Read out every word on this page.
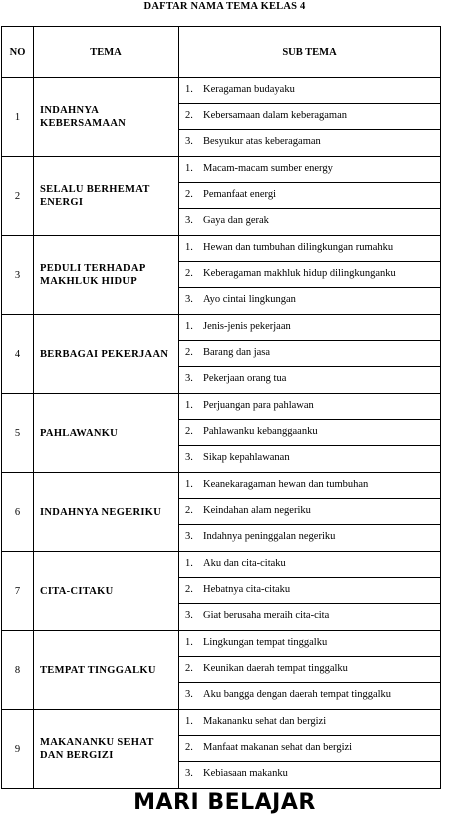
DAFTAR NAMA TEMA KELAS 4
NO	TEMA	SUB TEMA
1	INDAHNYA KEBERSAMAAN	1. Keragaman budayaku
2. Kebersamaan dalam keberagaman
3. Besyukur atas keberagaman

2	SELALU BERHEMAT ENERGI	1. Macam-macam sumber energy
2. Pemanfaat energi
3. Gaya dan gerak

3	PEDULI TERHADAP MAKHLUK HIDUP	1. Hewan dan tumbuhan dilingkungan rumahku
2. Keberagaman makhluk hidup dilingkunganku
3. Ayo cintai lingkungan

4	BERBAGAI PEKERJAAN	1. Jenis-jenis pekerjaan
2. Barang dan jasa
3. Pekerjaan orang tua

5	PAHLAWANKU	1. Perjuangan para pahlawan
2. Pahlawanku kebanggaanku
3. Sikap kepahlawanan

6	INDAHNYA NEGERIKU	1. Keanekaragaman hewan dan tumbuhan
2. Keindahan alam negeriku
3. Indahnya peninggalan negeriku

7	CITA-CITAKU	1. Aku dan cita-citaku
2. Hebatnya cita-citaku
3. Giat berusaha meraih cita-cita

8	TEMPAT TINGGALKU	1. Lingkungan tempat tinggalku
2. Keunikan daerah tempat tinggalku
3. Aku bangga dengan daerah tempat tinggalku

9	MAKANANKU SEHAT DAN BERGIZI	1. Makananku sehat dan bergizi
2. Manfaat makanan sehat dan bergizi
3. Kebiasaan makanku
MARI BELAJAR
